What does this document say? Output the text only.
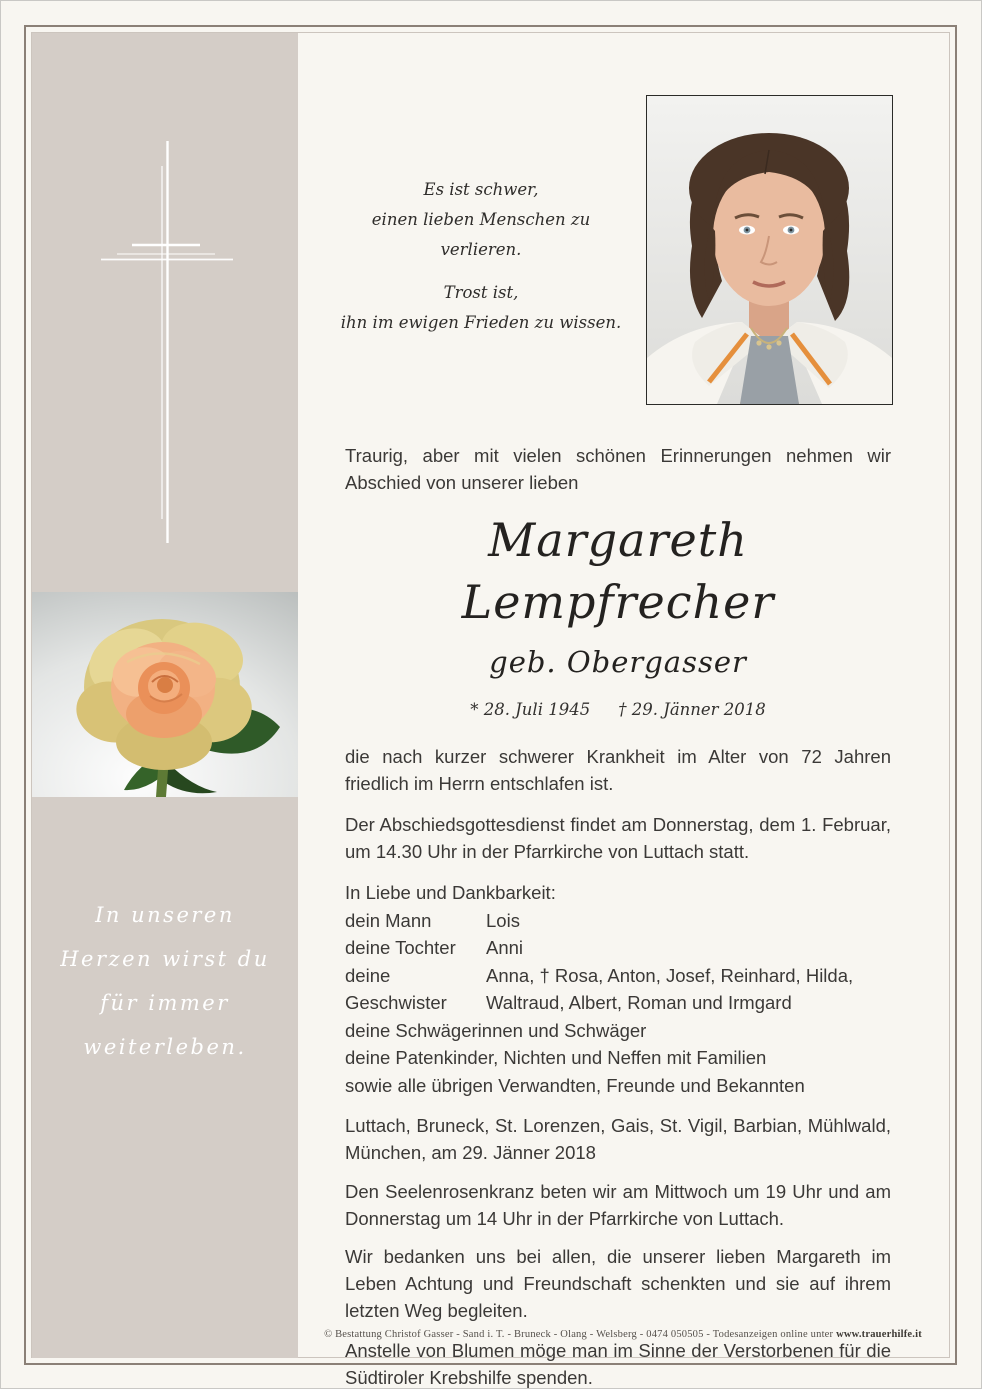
In unseren
Herzen wirst du
für immer
weiterleben.
Es ist schwer,
einen lieben Menschen zu verlieren.
Trost ist,
ihn im ewigen Frieden zu wissen.

Traurig, aber mit vielen schönen Erinnerungen nehmen wir Abschied von unserer lieben

Margareth Lempfrecher
geb. Obergasser
* 28. Juli 1945 † 29. Jänner 2018

die nach kurzer schwerer Krankheit im Alter von 72 Jahren friedlich im Herrn entschlafen ist.

Der Abschiedsgottesdienst findet am Donnerstag, dem 1. Februar, um 14.30 Uhr in der Pfarrkirche von Luttach statt.

In Liebe und Dankbarkeit:
dein Mann	Lois
deine Tochter	Anni
deine Geschwister
Anna, † Rosa, Anton, Josef, Reinhard, Hilda, Waltraud, Albert, Roman und Irmgard
deine Schwägerinnen und Schwäger
deine Patenkinder, Nichten und Neffen mit Familien
sowie alle übrigen Verwandten, Freunde und Bekannten

Luttach, Bruneck, St. Lorenzen, Gais, St. Vigil, Barbian, Mühlwald, München, am 29. Jänner 2018

Den Seelenrosenkranz beten wir am Mittwoch um 19 Uhr und am Donnerstag um 14 Uhr in der Pfarrkirche von Luttach.

Wir bedanken uns bei allen, die unserer lieben Margareth im Leben Achtung und Freundschaft schenkten und sie auf ihrem letzten Weg begleiten.

Anstelle von Blumen möge man im Sinne der Verstorbenen für die Südtiroler Krebshilfe spenden.

© Bestattung Christof Gasser - Sand i. T. - Bruneck - Olang - Welsberg - 0474 050505 - Todesanzeigen online unter www.trauerhilfe.it
